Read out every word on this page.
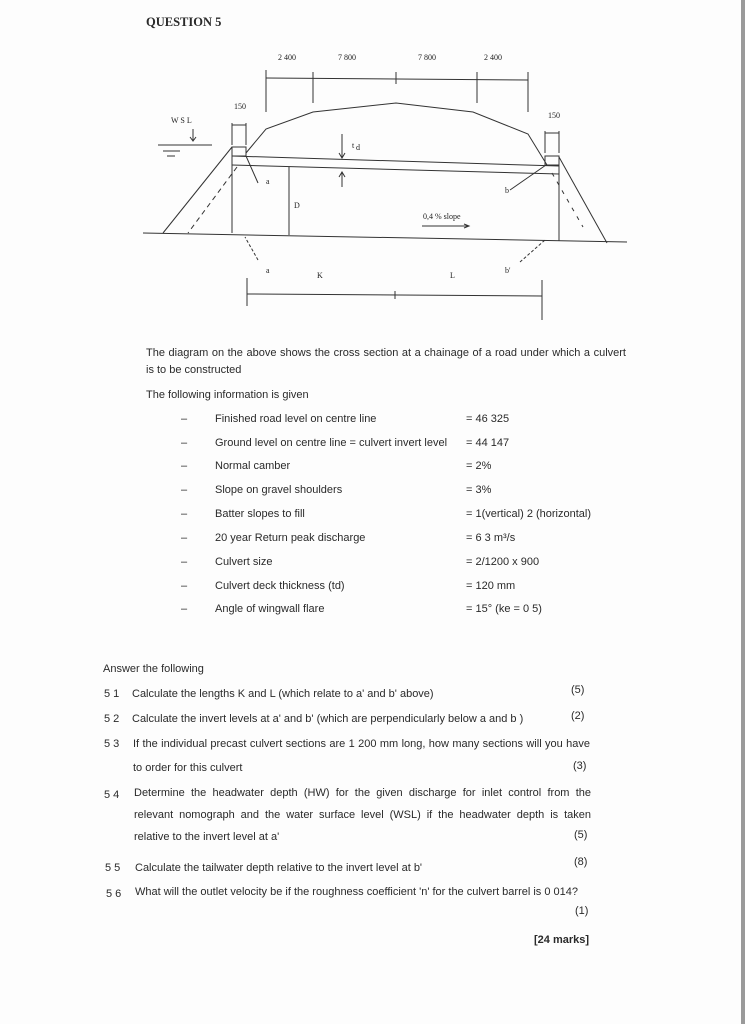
QUESTION 5
2 400	7 800	7 800	2 400
150
150
W S L
t d
D
a
b
0,4 % slope
a	b'
K	L
The diagram on the above shows the cross section at a chainage of a road under which a culvert is to be constructed
The following information is given
–	Finished road level on centre line	= 46 325
–	Ground level on centre line = culvert invert level = 44 147
–	Normal camber	= 2%
–	Slope on gravel shoulders	= 3%
–	Batter slopes to fill	= 1(vertical) 2 (horizontal)
–	20 year Return peak discharge	= 6 3 m³/s
–	Culvert size	= 2/1200 x 900
–	Culvert deck thickness (td)	= 120 mm
–	Angle of wingwall flare	= 15° (ke = 0 5)
Answer the following
5 1 Calculate the lengths K and L (which relate to a' and b' above)	(5)
5 2 Calculate the invert levels at a' and b' (which are perpendicularly below a and b )	(2)
5 3 If the individual precast culvert sections are 1 200 mm long, how many sections will you have to order for this culvert	(3)
5 4 Determine the headwater depth (HW) for the given discharge for inlet control from the relevant nomograph and the water surface level (WSL) if the headwater depth is taken relative to the invert level at a'	(5)
5 5 Calculate the tailwater depth relative to the invert level at b'	(8)
5 6 What will the outlet velocity be if the roughness coefficient 'n' for the culvert barrel is 0 014?
(1)
[24 marks]
